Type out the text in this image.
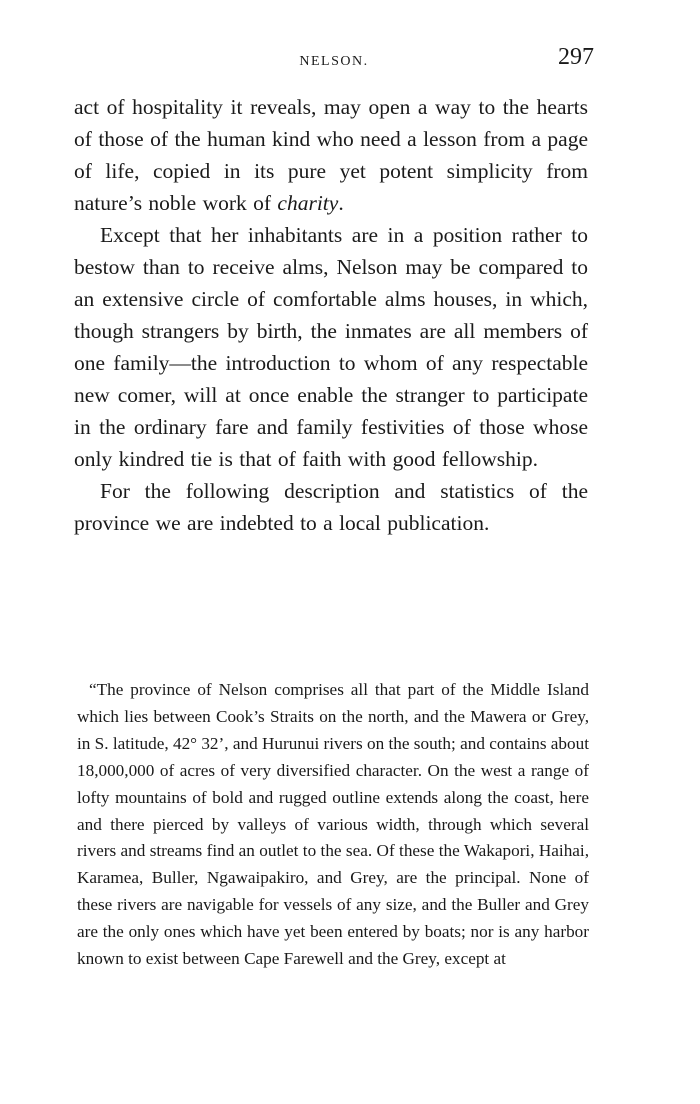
NELSON.	297

act of hospitality it reveals, may open a way to the hearts of those of the human kind who need a lesson from a page of life, copied in its pure yet potent simplicity from nature’s noble work of charity.

Except that her inhabitants are in a position rather to bestow than to receive alms, Nelson may be compared to an extensive circle of comfortable alms houses, in which, though strangers by birth, the inmates are all members of one family—the introduction to whom of any respectable new comer, will at once enable the stranger to participate in the ordinary fare and family festivities of those whose only kindred tie is that of faith with good fellowship.

For the following description and statistics of the province we are indebted to a local publication.

“The province of Nelson comprises all that part of the Middle Island which lies between Cook’s Straits on the north, and the Mawera or Grey, in S. latitude, 42° 32’, and Hurunui rivers on the south; and contains about 18,000,000 of acres of very diversified character. On the west a range of lofty mountains of bold and rugged outline extends along the coast, here and there pierced by valleys of various width, through which several rivers and streams find an outlet to the sea. Of these the Wakapori, Haihai, Karamea, Buller, Ngawaipakiro, and Grey, are the principal. None of these rivers are navigable for vessels of any size, and the Buller and Grey are the only ones which have yet been entered by boats; nor is any harbor known to exist between Cape Farewell and the Grey, except at
